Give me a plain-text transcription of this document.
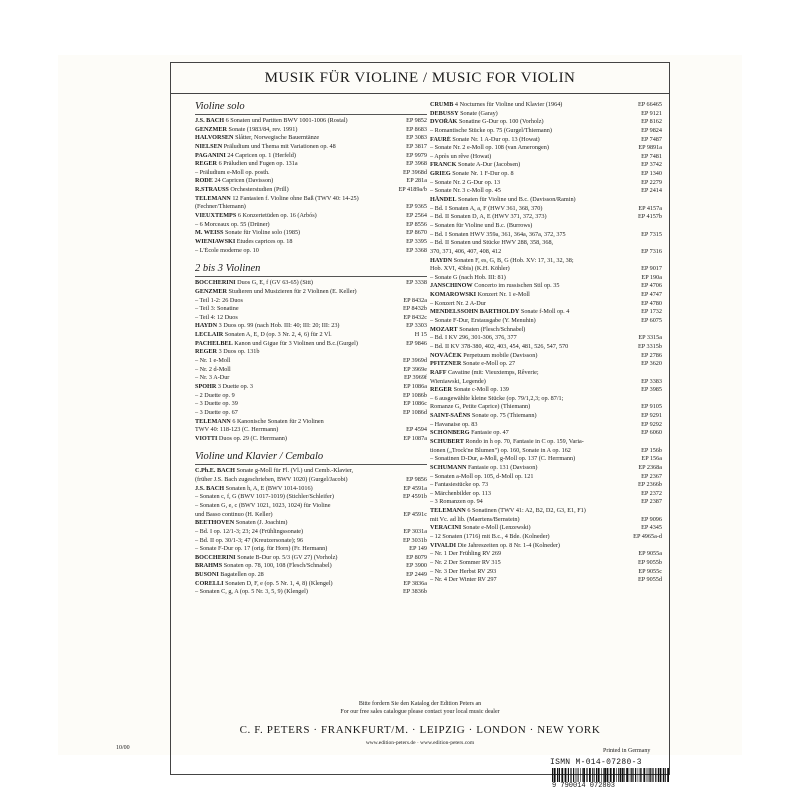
MUSIK FÜR VIOLINE / MUSIC FOR VIOLIN
Violine solo
J.S. BACH 6 Sonaten und Partiten BWV 1001-1006 (Rostal)	EP 9852
GENZMER Sonate (1983/84, rev. 1991)	EP 8683
HALVORSEN Slåtter, Norwegische Bauerntänze	EP 3083
NIELSEN Präludium und Thema mit Variationen op. 48	EP 3817
PAGANINI 24 Capricen op. 1 (Herfeld)	EP 9979
REGER 6 Präludien und Fugen op. 131a	EP 3968
– Präludium e-Moll op. posth.	EP 3968d
RODE 24 Capricen (Davisson)	EP 281a
R.STRAUSS Orchesterstudien (Prill)	EP 4189a/b
TELEMANN 12 Fantasien f. Violine ohne Baß (TWV 40: 14-25)
(Fechner/Thiemann)	EP 9365
VIEUXTEMPS 6 Konzertetüden op. 16 (Arbós)	EP 2564
– 6 Morceaux op. 55 (Drüner)	EP 8556
M. WEISS Sonate für Violine solo (1985)	EP 8670
WIENIAWSKI Etudes caprices op. 18	EP 3395
– L'École moderne op. 10	EP 3368
2 bis 3 Violinen
BOCCHERINI Duos G, E, f (GV 63-65) (Sitt)	EP 3338
GENZMER Studieren und Musizieren für 2 Violinen (E. Keller)
– Teil 1-2: 26 Duos	EP 8432a
– Teil 3: Sonatine	EP 8432b
– Teil 4: 12 Duos	EP 8432c
HAYDN 3 Duos op. 99 (nach Hob. III: 40; III: 20; III: 23)	EP 3303
LECLAIR Sonaten A, E, D (op. 3 Nr. 2, 4, 6) für 2 Vl.	H 15
PACHELBEL Kanon und Gigue für 3 Violinen und B.c.(Gurgel)	EP 9846
REGER 3 Duos op. 131b
– Nr. 1 e-Moll	EP 3969d
– Nr. 2 d-Moll	EP 3969e
– Nr. 3 A-Dur	EP 3969f
SPOHR 3 Duette op. 3	EP 1086a
– 2 Duette op. 9	EP 1086b
– 3 Duette op. 39	EP 1086c
– 3 Duette op. 67	EP 1086d
TELEMANN 6 Kanonische Sonaten für 2 Violinen
TWV 40: 118-123 (C. Herrmann)	EP 4594
VIOTTI Duos op. 29 (C. Herrmann)	EP 1087a
Violine und Klavier / Cembalo
C.Ph.E. BACH Sonate g-Moll für Fl. (Vl.) und Cemb.-Klavier,
(früher J.S. Bach zugeschrieben, BWV 1020) (Gurgel/Jacobi)	EP 9856
J.S. BACH Sonaten h, A, E (BWV 1014-1016)	EP 4591a
– Sonaten c, f, G (BWV 1017-1019) (Stichler/Schleifer)	EP 4591b
– Sonaten G, e, c (BWV 1021, 1023, 1024) für Violine
und Basso continuo (H. Keller)	EP 4591c
BEETHOVEN Sonaten (J. Joachim)
– Bd. I op. 12/1-3; 23; 24 (Frühlingssonate)	EP 3031a
– Bd. II op. 30/1-3; 47 (Kreutzersonate); 96	EP 3031b
– Sonate F-Dur op. 17 (orig. für Horn) (Fr. Hermann)	EP 149
BOCCHERINI Sonate B-Dur op. 5/3 (GV 27) (Vorholz)	EP 8079
BRAHMS Sonaten op. 78, 100, 108 (Flesch/Schnabel)	EP 3900
BUSONI Bagatellen op. 28	EP 2449
CORELLI Sonaten D, F, e (op. 5 Nr. 1, 4, 8) (Klengel)	EP 3836a
– Sonaten C, g, A (op. 5 Nr. 3, 5, 9) (Klengel)	EP 3836b
CRUMB 4 Nocturnes für Violine und Klavier (1964)	EP 66465
DEBUSSY Sonate (Garay)	EP 9121
DVOŘÁK Sonatine G-Dur op. 100 (Vorholz)	EP 8162
– Romantische Stücke op. 75 (Gurgel/Thiemann)	EP 9824
FAURÉ Sonate Nr. 1 A-Dur op. 13 (Howat)	EP 7487
– Sonate Nr. 2 e-Moll op. 108 (van Amerongen)	EP 9891a
– Après un rêve (Howat)	EP 7481
FRANCK Sonate A-Dur (Jacobsen)	EP 3742
GRIEG Sonate Nr. 1 F-Dur op. 8	EP 1340
– Sonate Nr. 2 G-Dur op. 13	EP 2279
– Sonate Nr. 3 c-Moll op. 45	EP 2414
HÄNDEL Sonaten für Violine und B.c. (Davisson/Ramin)
– Bd. I Sonaten A, a, F (HWV 361, 368, 370)	EP 4157a
– Bd. II Sonaten D, A, E (HWV 371, 372, 373)	EP 4157b
– Sonaten für Violine und B.c. (Burrows)
– Bd. I Sonaten HWV 359a, 361, 364a, 367a, 372, 375	EP 7315
– Bd. II Sonaten und Stücke HWV 288, 358, 368,
370, 371, 406, 407, 408, 412	EP 7316
HAYDN Sonaten F, es, G, B, G (Hob. XV: 17, 31, 32, 38;
Hob. XVI, 43bis) (K.H. Köhler)	EP 9017
– Sonate G (nach Hob. III: 81)	EP 190a
JANSCHINOW Concerto im russischen Stil op. 35	EP 4706
KOMAROWSKI Konzert Nr. 1 e-Moll	EP 4747
– Konzert Nr. 2 A-Dur	EP 4780
MENDELSSOHN BARTHOLDY Sonate f-Moll op. 4	EP 1732
– Sonate F-Dur, Erstausgabe (Y. Menuhin)	EP 6075
MOZART Sonaten (Flesch/Schnabel)
– Bd. I KV 296, 301-306, 376, 377	EP 3315a
– Bd. II KV 378-380, 402, 403, 454, 481, 526, 547, 570	EP 3315b
NOVÁČEK Perpetuum mobile (Davisson)	EP 2786
PFITZNER Sonate e-Moll op. 27	EP 3620
RAFF Cavatine (mit: Vieuxtemps, Rêverie;
Wieniawski, Legende)	EP 3383
REGER Sonate c-Moll op. 139	EP 3985
– 6 ausgewählte kleine Stücke (op. 79/1,2,3; op. 87/1;
Romanze G, Petite Caprice) (Thiemann)	EP 9105
SAINT-SAËNS Sonate op. 75 (Thiemann)	EP 9291
– Havanaise op. 83	EP 9292
SCHÖNBERG Fantasie op. 47	EP 6060
SCHUBERT Rondo in h op. 70, Fantasie in C op. 159, Varia-
tionen („Trock'ne Blumen") op. 160, Sonate in A op. 162	EP 156b
– Sonatinen D-Dur, a-Moll, g-Moll op. 137 (C. Herrmann)	EP 156a
SCHUMANN Fantasie op. 131 (Davisson)	EP 2368a
– Sonaten a-Moll op. 105, d-Moll op. 121	EP 2367
– Fantasiestücke op. 73	EP 2366b
– Märchenbilder op. 113	EP 2372
– 3 Romanzen op. 94	EP 2387
TELEMANN 6 Sonatinen (TWV 41: A2, B2, D2, G3, E1, F1)
mit Vc. ad lib. (Maertens/Bernstein)	EP 9096
VERACINI Sonate e-Moll (Lenzewski)	EP 4345
– 12 Sonaten (1716) mit B.c., 4 Bde. (Kolneder)	EP 4965a-d
VIVALDI Die Jahreszeiten op. 8 Nr. 1-4 (Kolneder)
– Nr. 1 Der Frühling RV 269	EP 9055a
– Nr. 2 Der Sommer RV 315	EP 9055b
– Nr. 3 Der Herbst RV 293	EP 9055c
– Nr. 4 Der Winter RV 297	EP 9055d
Bitte fordern Sie den Katalog der Edition Peters an
For our free sales catalogue please contact your local music dealer
C. F. PETERS · FRANKFURT/M. · LEIPZIG · LONDON · NEW YORK
www.edition-peters.de · www.edition-peters.com
10/00	Printed in Germany
ISMN M-014-07280-3
9 790014 072803
